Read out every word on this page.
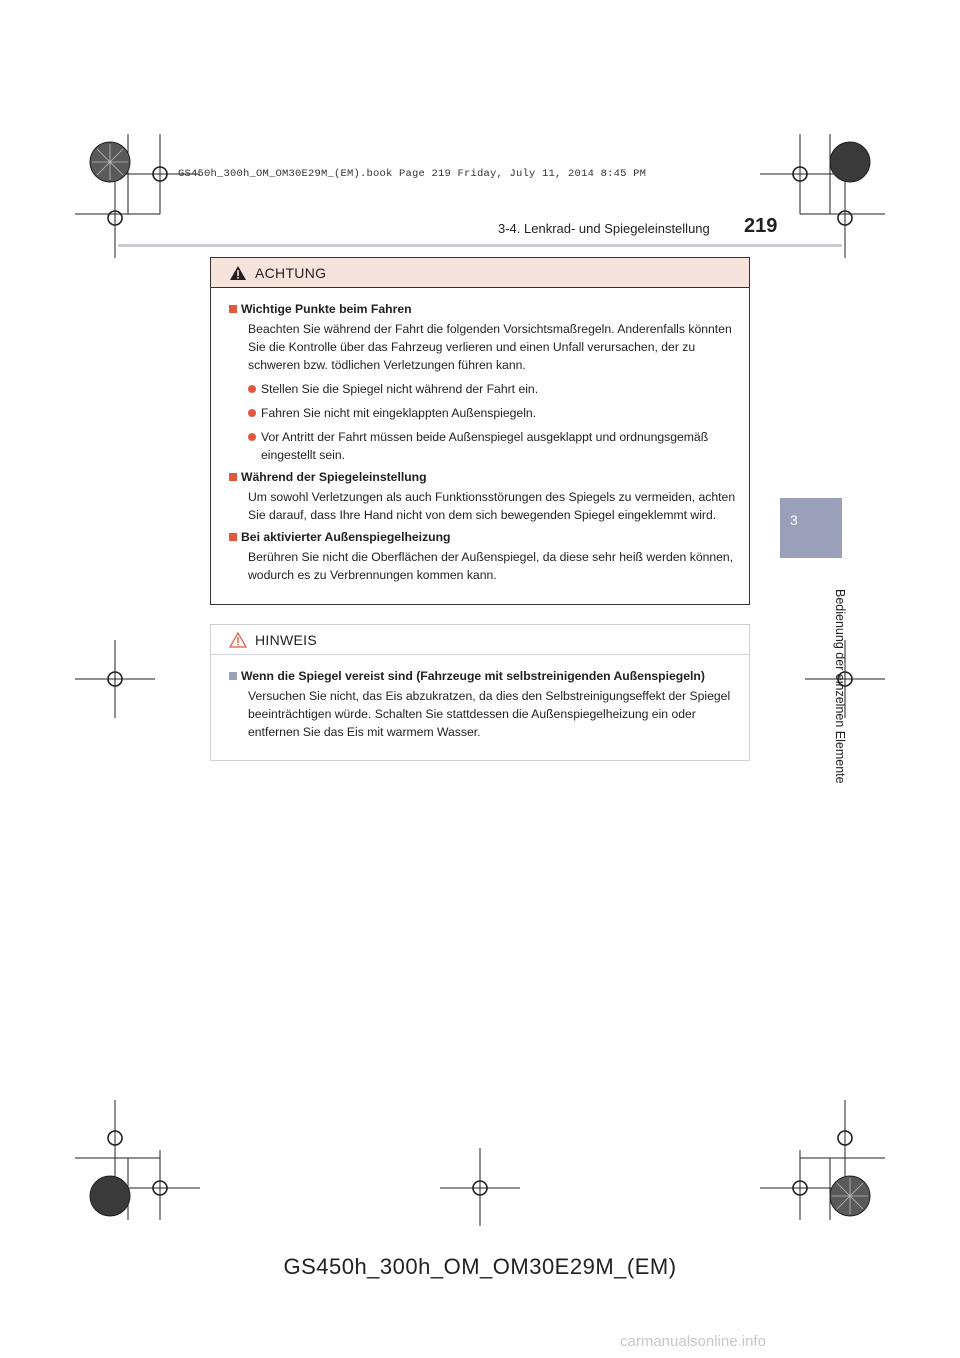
GS450h_300h_OM_OM30E29M_(EM).book Page 219 Friday, July 11, 2014 8:45 PM
3-4. Lenkrad- und Spiegeleinstellung 219
3
Bedienung der einzelnen Elemente
ACHTUNG
Wichtige Punkte beim Fahren
Beachten Sie während der Fahrt die folgenden Vorsichtsmaßregeln. Anderenfalls könnten Sie die Kontrolle über das Fahrzeug verlieren und einen Unfall verursachen, der zu schweren bzw. tödlichen Verletzungen führen kann.
Stellen Sie die Spiegel nicht während der Fahrt ein.
Fahren Sie nicht mit eingeklappten Außenspiegeln.
Vor Antritt der Fahrt müssen beide Außenspiegel ausgeklappt und ordnungsgemäß eingestellt sein.
Während der Spiegeleinstellung
Um sowohl Verletzungen als auch Funktionsstörungen des Spiegels zu vermeiden, achten Sie darauf, dass Ihre Hand nicht von dem sich bewegenden Spiegel eingeklemmt wird.
Bei aktivierter Außenspiegelheizung
Berühren Sie nicht die Oberflächen der Außenspiegel, da diese sehr heiß werden können, wodurch es zu Verbrennungen kommen kann.
HINWEIS
Wenn die Spiegel vereist sind (Fahrzeuge mit selbstreinigenden Außenspiegeln)
Versuchen Sie nicht, das Eis abzukratzen, da dies den Selbstreinigungseffekt der Spiegel beeinträchtigen würde. Schalten Sie stattdessen die Außenspiegelheizung ein oder entfernen Sie das Eis mit warmem Wasser.
GS450h_300h_OM_OM30E29M_(EM)
carmanualsonline.info
